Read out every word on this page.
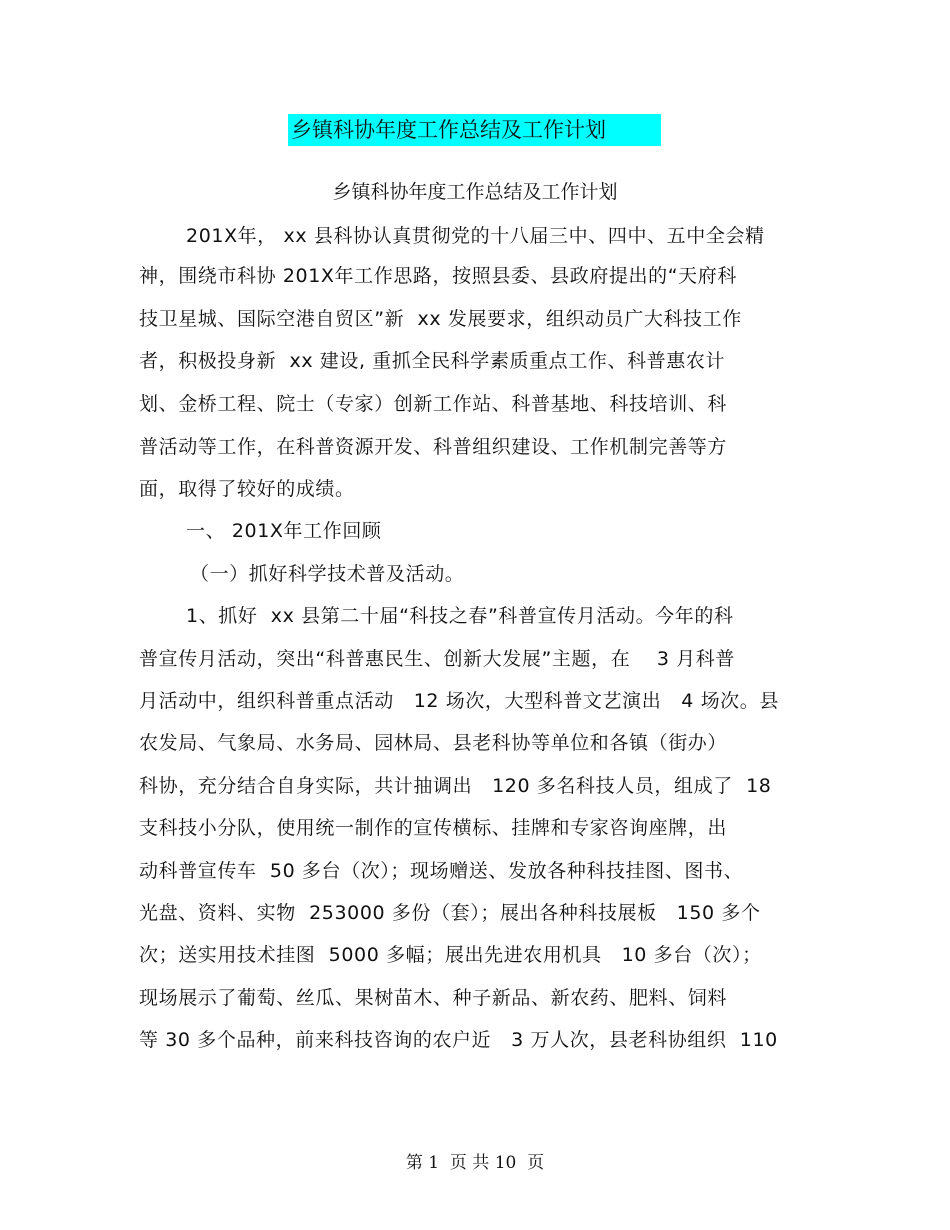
乡镇科协年度工作总结及工作计划
乡镇科协年度工作总结及工作计划
201X年， xx 县科协认真贯彻党的十八届三中、四中、五中全会精
神，围绕市科协 201X年工作思路，按照县委、县政府提出的“天府科
技卫星城、国际空港自贸区”新  xx 发展要求，组织动员广大科技工作
者，积极投身新  xx 建设, 重抓全民科学素质重点工作、科普惠农计
划、金桥工程、院士（专家）创新工作站、科普基地、科技培训、科
普活动等工作，在科普资源开发、科普组织建设、工作机制完善等方
面，取得了较好的成绩。
一、 201X年工作回顾
（一）抓好科学技术普及活动。
1、抓好  xx 县第二十届“科技之春”科普宣传月活动。今年的科
普宣传月活动，突出“科普惠民生、创新大发展”主题，在    3 月科普
月活动中，组织科普重点活动   12 场次，大型科普文艺演出   4 场次。县
农发局、气象局、水务局、园林局、县老科协等单位和各镇（街办）
科协，充分结合自身实际，共计抽调出   120 多名科技人员，组成了  18
支科技小分队，使用统一制作的宣传横标、挂牌和专家咨询座牌，出
动科普宣传车  50 多台（次）；现场赠送、发放各种科技挂图、图书、
光盘、资料、实物  253000 多份（套）；展出各种科技展板   150 多个
次；送实用技术挂图  5000 多幅；展出先进农用机具   10 多台（次）；
现场展示了葡萄、丝瓜、果树苗木、种子新品、新农药、肥料、饲料
等 30 多个品种，前来科技咨询的农户近   3 万人次，县老科协组织  110
第 1  页 共 10  页
